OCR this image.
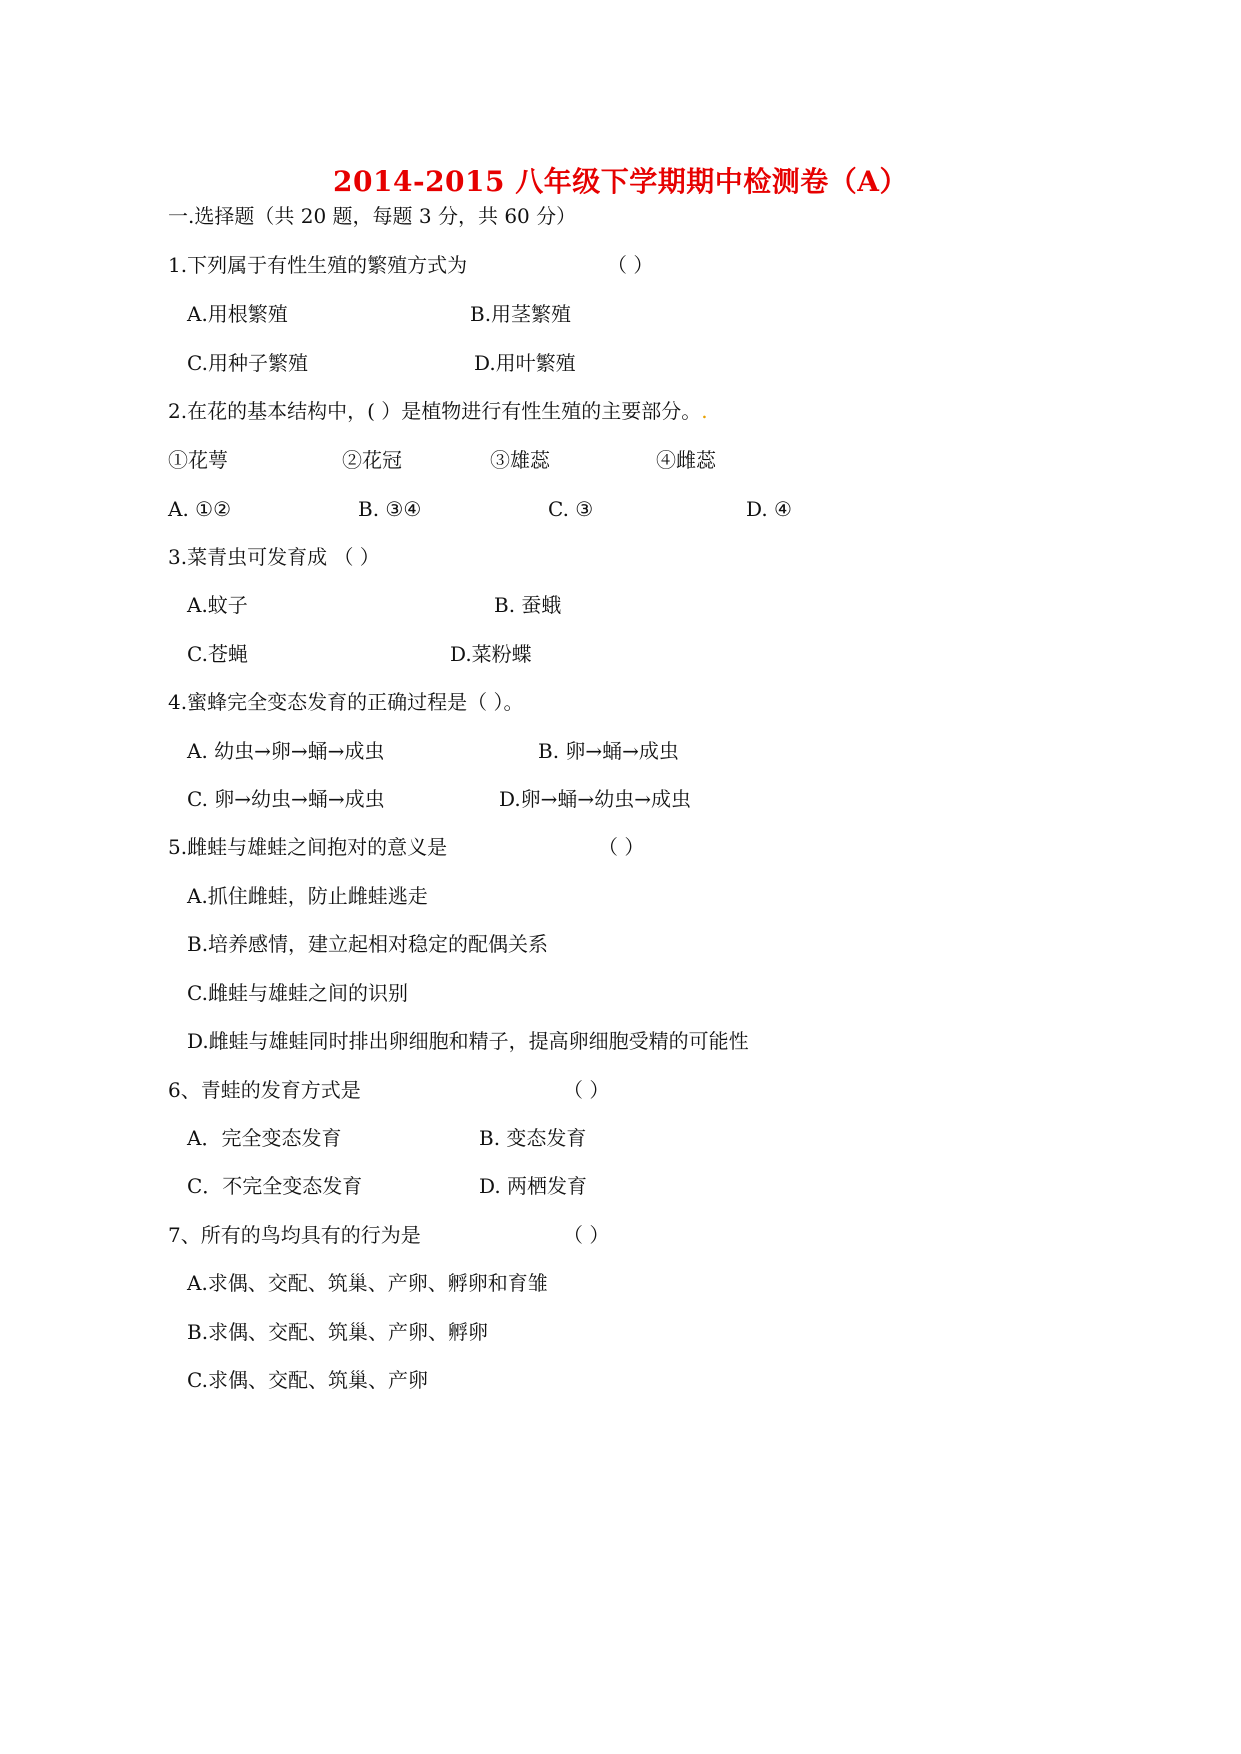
2014-2015 八年级下学期期中检测卷（A）
一.选择题（共 20 题，每题 3 分，共 60 分）
1.下列属于有性生殖的繁殖方式为	（ ）
A.用根繁殖	B.用茎繁殖
C.用种子繁殖	D.用叶繁殖
2.在花的基本结构中，( ）是植物进行有性生殖的主要部分。.
①花萼	②花冠	③雄蕊	④雌蕊
A. ①②	B. ③④	C. ③	D. ④
3.菜青虫可发育成 （ ）
A.蚊子	B. 蚕蛾
C.苍蝇	D.菜粉蝶
4.蜜蜂完全变态发育的正确过程是（ ）。
A. 幼虫→卵→蛹→成虫	B. 卵→蛹→成虫
C. 卵→幼虫→蛹→成虫	D.卵→蛹→幼虫→成虫
5.雌蛙与雄蛙之间抱对的意义是	（ ）
A.抓住雌蛙，防止雌蛙逃走
B.培养感情，建立起相对稳定的配偶关系
C.雌蛙与雄蛙之间的识别
D.雌蛙与雄蛙同时排出卵细胞和精子，提高卵细胞受精的可能性
6、青蛙的发育方式是	（ ）
A．完全变态发育	B. 变态发育
C．不完全变态发育	D. 两栖发育
7、所有的鸟均具有的行为是	（ ）
A.求偶、交配、筑巢、产卵、孵卵和育雏
B.求偶、交配、筑巢、产卵、孵卵
C.求偶、交配、筑巢、产卵
